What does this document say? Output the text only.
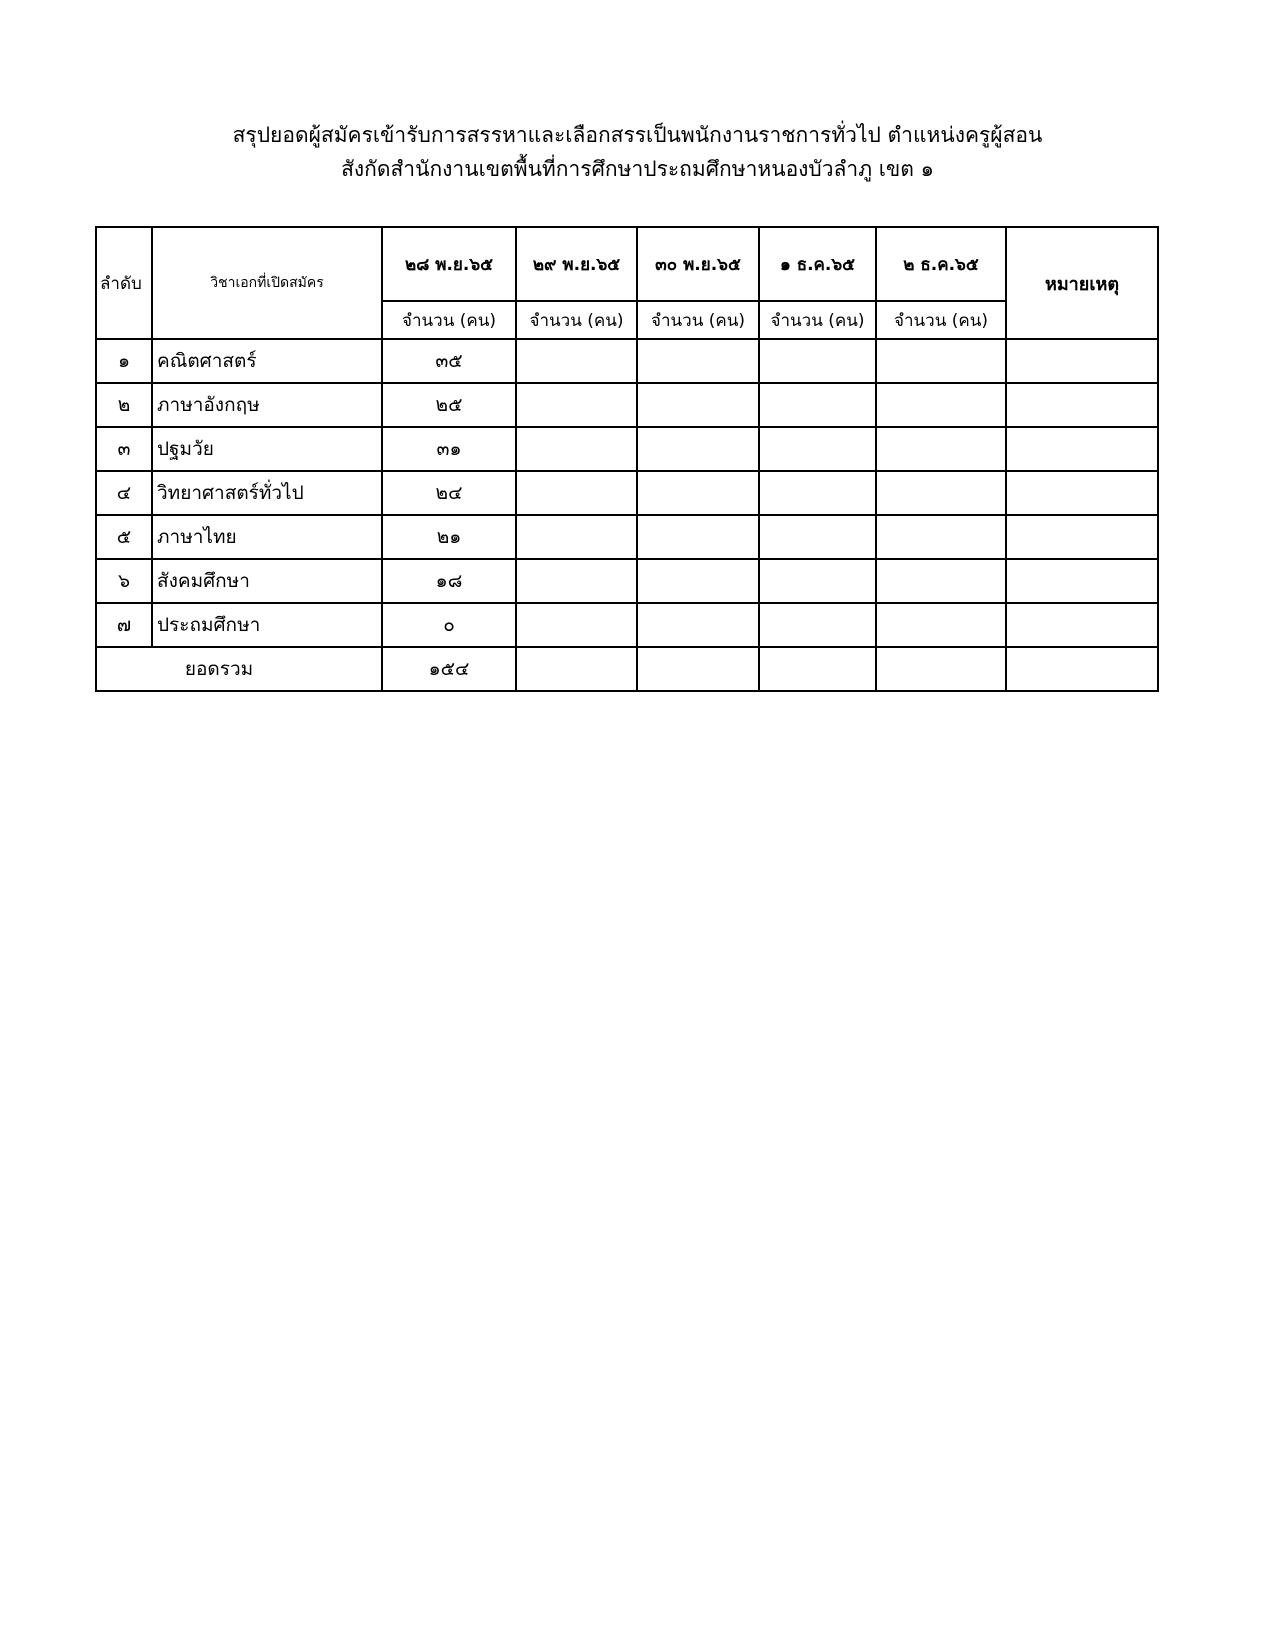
สรุปยอดผู้สมัครเข้ารับการสรรหาและเลือกสรรเป็นพนักงานราชการทั่วไป ตำแหน่งครูผู้สอน
สังกัดสำนักงานเขตพื้นที่การศึกษาประถมศึกษาหนองบัวลำภู เขต ๑
ลำดับ	วิชาเอกที่เปิดสมัคร	๒๘ พ.ย.๖๕	๒๙ พ.ย.๖๕	๓๐ พ.ย.๖๕	๑ ธ.ค.๖๕	๒ ธ.ค.๖๕	หมายเหตุ
		จำนวน (คน)	จำนวน (คน)	จำนวน (คน)	จำนวน (คน)	จำนวน (คน)	
๑	คณิตศาสตร์	๓๕					
๒	ภาษาอังกฤษ	๒๕					
๓	ปฐมวัย	๓๑					
๔	วิทยาศาสตร์ทั่วไป	๒๔					
๕	ภาษาไทย	๒๑					
๖	สังคมศึกษา	๑๘					
๗	ประถมศึกษา	๐					
ยอดรวม		๑๕๔					
